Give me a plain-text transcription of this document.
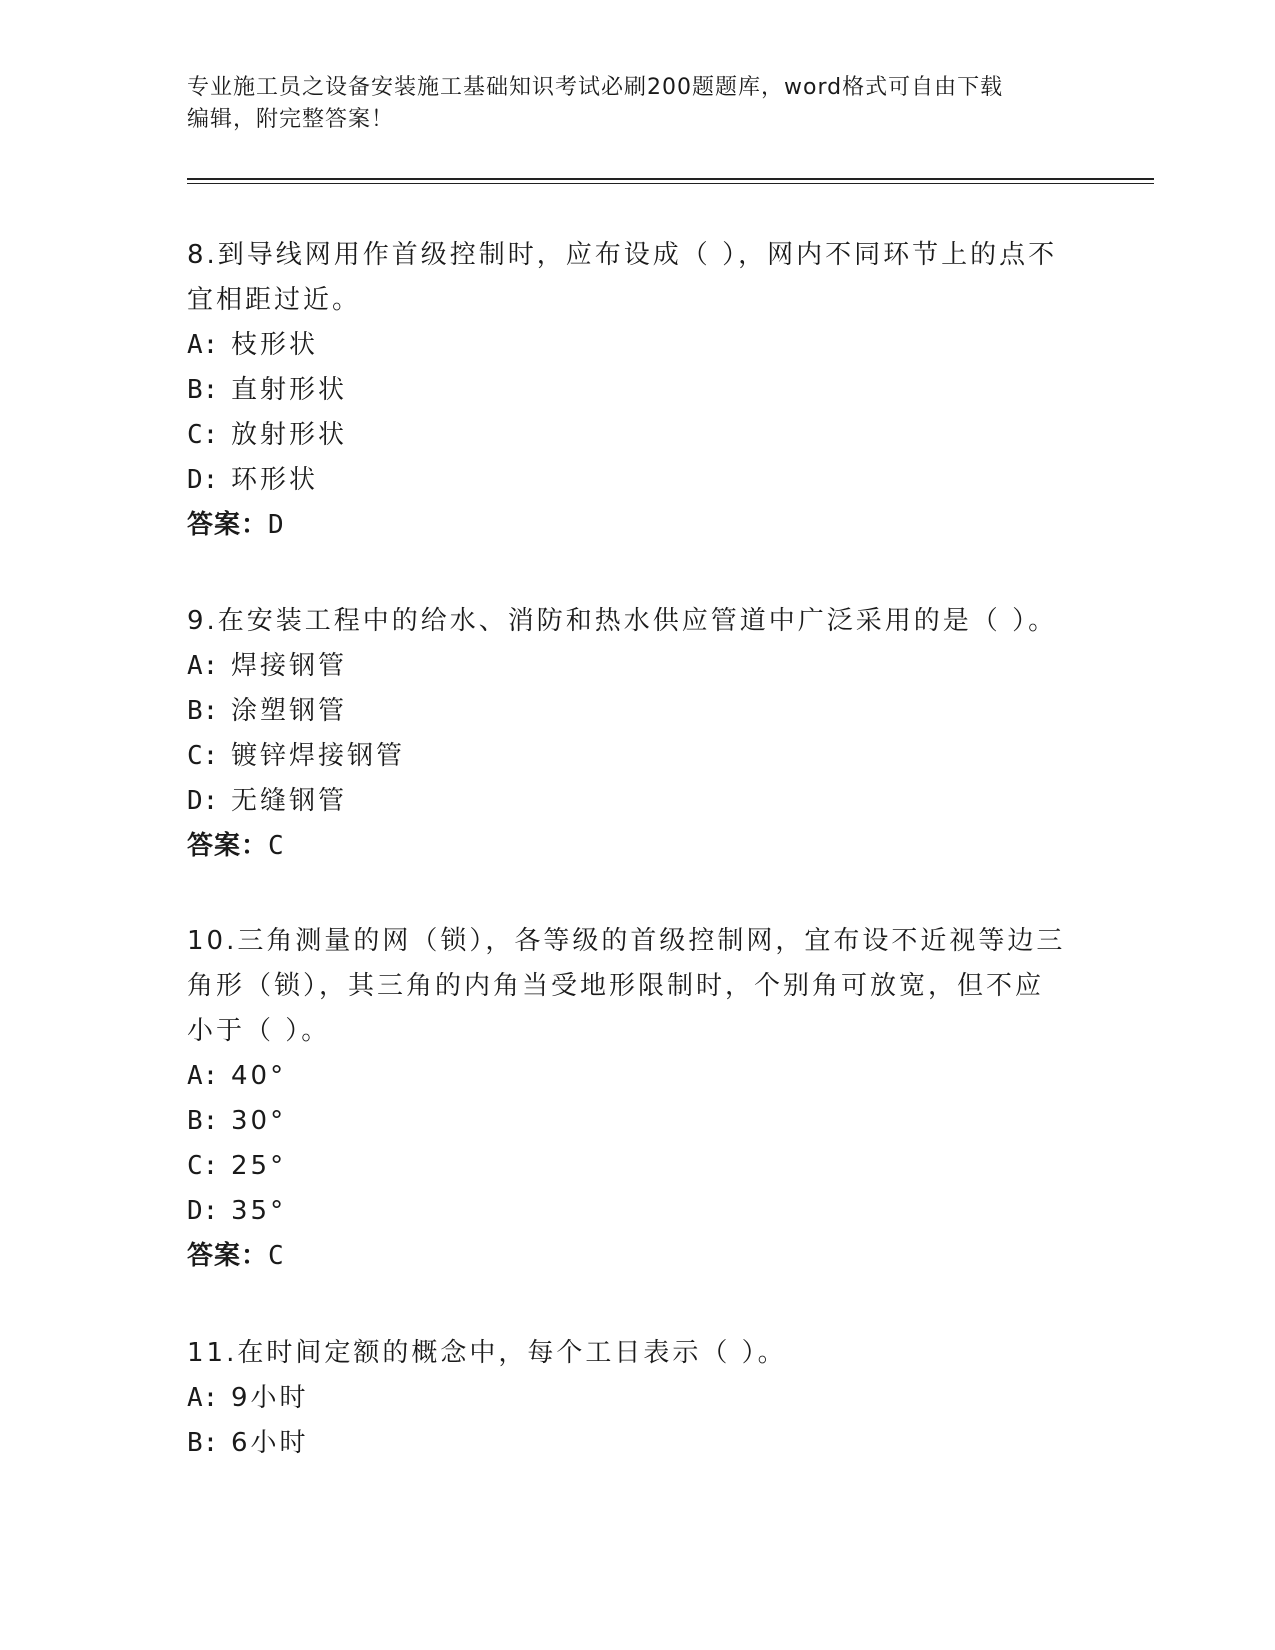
专业施工员之设备安装施工基础知识考试必刷200题题库，word格式可自由下载
编辑，附完整答案！

8.到导线网用作首级控制时，应布设成（ ），网内不同环节上的点不

宜相距过近。

A: 枝形状

B: 直射形状

C: 放射形状

D: 环形状

答案：D

9.在安装工程中的给水、消防和热水供应管道中广泛采用的是（ ）。

A: 焊接钢管

B: 涂塑钢管

C: 镀锌焊接钢管

D: 无缝钢管

答案：C

10.三角测量的网（锁），各等级的首级控制网，宜布设不近视等边三

角形（锁），其三角的内角当受地形限制时，个别角可放宽，但不应

小于（ ）。

A: 40°

B: 30°

C: 25°

D: 35°

答案：C

11.在时间定额的概念中，每个工日表示（ ）。

A: 9小时

B: 6小时
